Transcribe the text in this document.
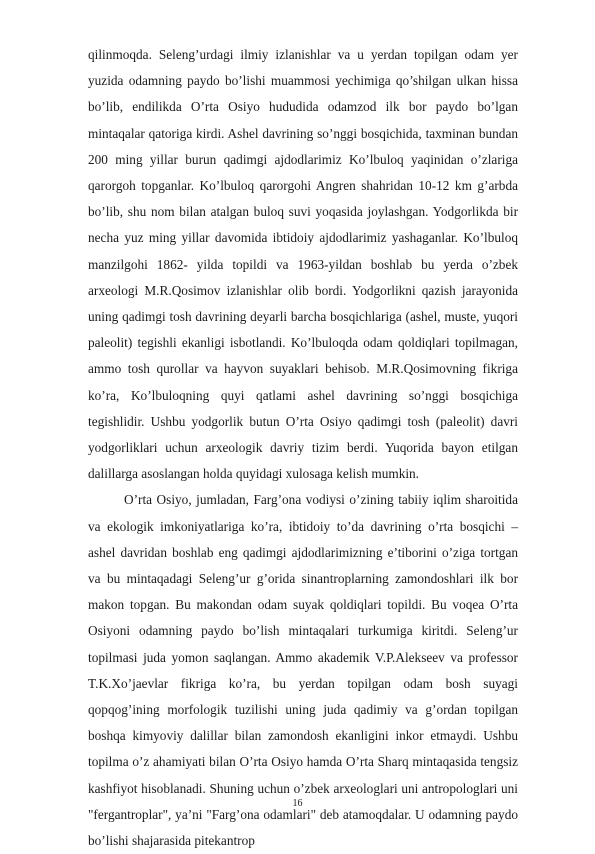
qilinmoqda. Seleng’urdagi ilmiy izlanishlar va u yerdan topilgan odam yer yuzida odamning paydo bo’lishi muammosi yechimiga qo’shilgan ulkan hissa bo’lib, endilikda O’rta Osiyo hududida odamzod ilk bor paydo bo’lgan mintaqalar qatoriga kirdi. Ashel davrining so’nggi bosqichida, taxminan bundan 200 ming yillar burun qadimgi ajdodlarimiz Ko’lbuloq yaqinidan o’zlariga qarorgoh topganlar. Ko’lbuloq qarorgohi Angren shahridan 10-12 km g’arbda bo’lib, shu nom bilan atalgan buloq suvi yoqasida joylashgan. Yodgorlikda bir necha yuz ming yillar davomida ibtidoiy ajdodlarimiz yashaganlar. Ko’lbuloq manzilgohi 1862- yilda topildi va 1963-yildan boshlab bu yerda o’zbek arxeologi M.R.Qosimov izlanishlar olib bordi. Yodgorlikni qazish jarayonida uning qadimgi tosh davrining deyarli barcha bosqichlariga (ashel, muste, yuqori paleolit) tegishli ekanligi isbotlandi. Ko’lbuloqda odam qoldiqlari topilmagan, ammo tosh qurollar va hayvon suyaklari behisob. M.R.Qosimovning fikriga ko’ra, Ko’lbuloqning quyi qatlami ashel davrining so’nggi bosqichiga tegishlidir. Ushbu yodgorlik butun O’rta Osiyo qadimgi tosh (paleolit) davri yodgorliklari uchun arxeologik davriy tizim berdi. Yuqorida bayon etilgan dalillarga asoslangan holda quyidagi xulosaga kelish mumkin.

O’rta Osiyo, jumladan, Farg’ona vodiysi o’zining tabiiy iqlim sharoitida va ekologik imkoniyatlariga ko’ra, ibtidoiy to’da davrining o’rta bosqichi – ashel davridan boshlab eng qadimgi ajdodlarimizning e’tiborini o’ziga tortgan va bu mintaqadagi Seleng’ur g’orida sinantroplarning zamondoshlari ilk bor makon topgan. Bu makondan odam suyak qoldiqlari topildi. Bu voqea O’rta Osiyoni odamning paydo bo’lish mintaqalari turkumiga kiritdi. Seleng’ur topilmasi juda yomon saqlangan. Ammo akademik V.P.Alekseev va professor T.K.Xo’jaevlar fikriga ko’ra, bu yerdan topilgan odam bosh suyagi qopqog’ining morfologik tuzilishi uning juda qadimiy va g’ordan topilgan boshqa kimyoviy dalillar bilan zamondosh ekanligini inkor etmaydi. Ushbu topilma o’z ahamiyati bilan O’rta Osiyo hamda O’rta Sharq mintaqasida tengsiz kashfiyot hisoblanadi. Shuning uchun o’zbek arxeologlari uni antropologlari uni "fergantroplar", ya’ni "Farg’ona odamlari" deb atamoqdalar. U odamning paydo bo’lishi shajarasida pitekantrop

16
